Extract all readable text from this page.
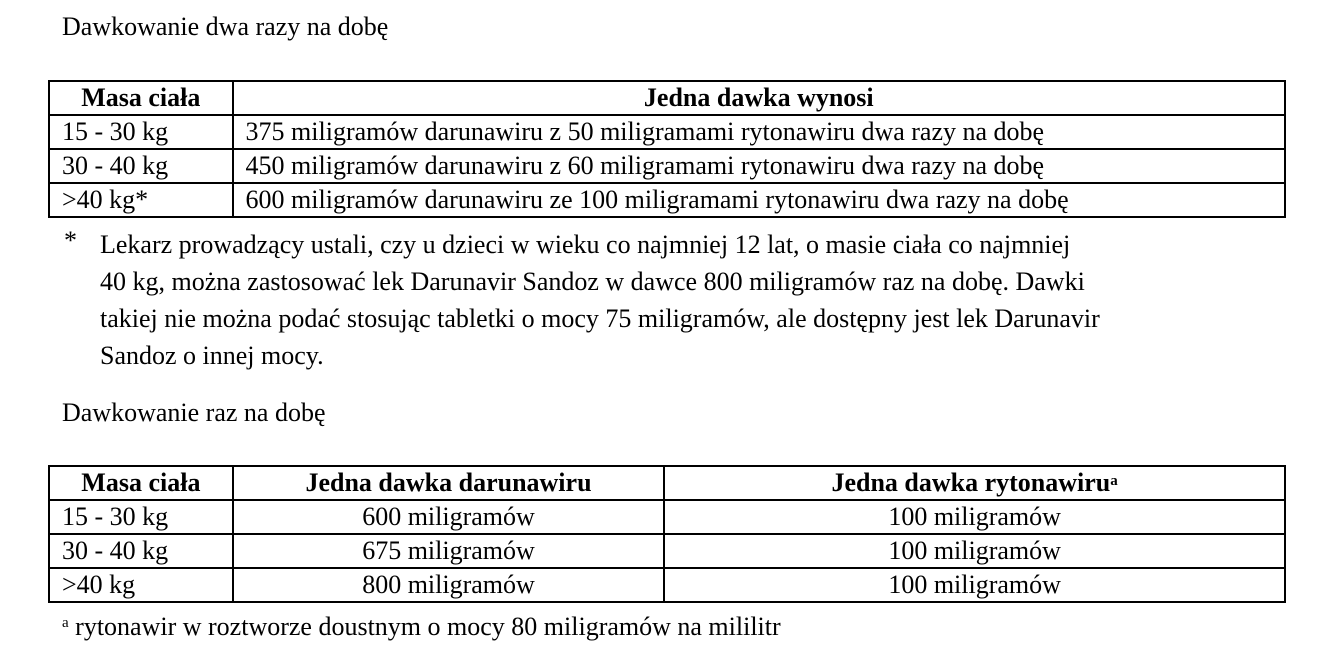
Dawkowanie dwa razy na dobę
Masa ciała	Jedna dawka wynosi
15 - 30 kg	375 miligramów darunawiru z 50 miligramami rytonawiru dwa razy na dobę
30 - 40 kg	450 miligramów darunawiru z 60 miligramami rytonawiru dwa razy na dobę
>40 kg*	600 miligramów darunawiru ze 100 miligramami rytonawiru dwa razy na dobę
* Lekarz prowadzący ustali, czy u dzieci w wieku co najmniej 12 lat, o masie ciała co najmniej
40 kg, można zastosować lek Darunavir Sandoz w dawce 800 miligramów raz na dobę. Dawki
takiej nie można podać stosując tabletki o mocy 75 miligramów, ale dostępny jest lek Darunavir
Sandoz o innej mocy.
Dawkowanie raz na dobę
Masa ciała	Jedna dawka darunawiru	Jedna dawka rytonawiru$^a$
15 - 30 kg	600 miligramów	100 miligramów
30 - 40 kg	675 miligramów	100 miligramów
>40 kg	800 miligramów	100 miligramów
$^a$ rytonawir w roztworze doustnym o mocy 80 miligramów na mililitr
